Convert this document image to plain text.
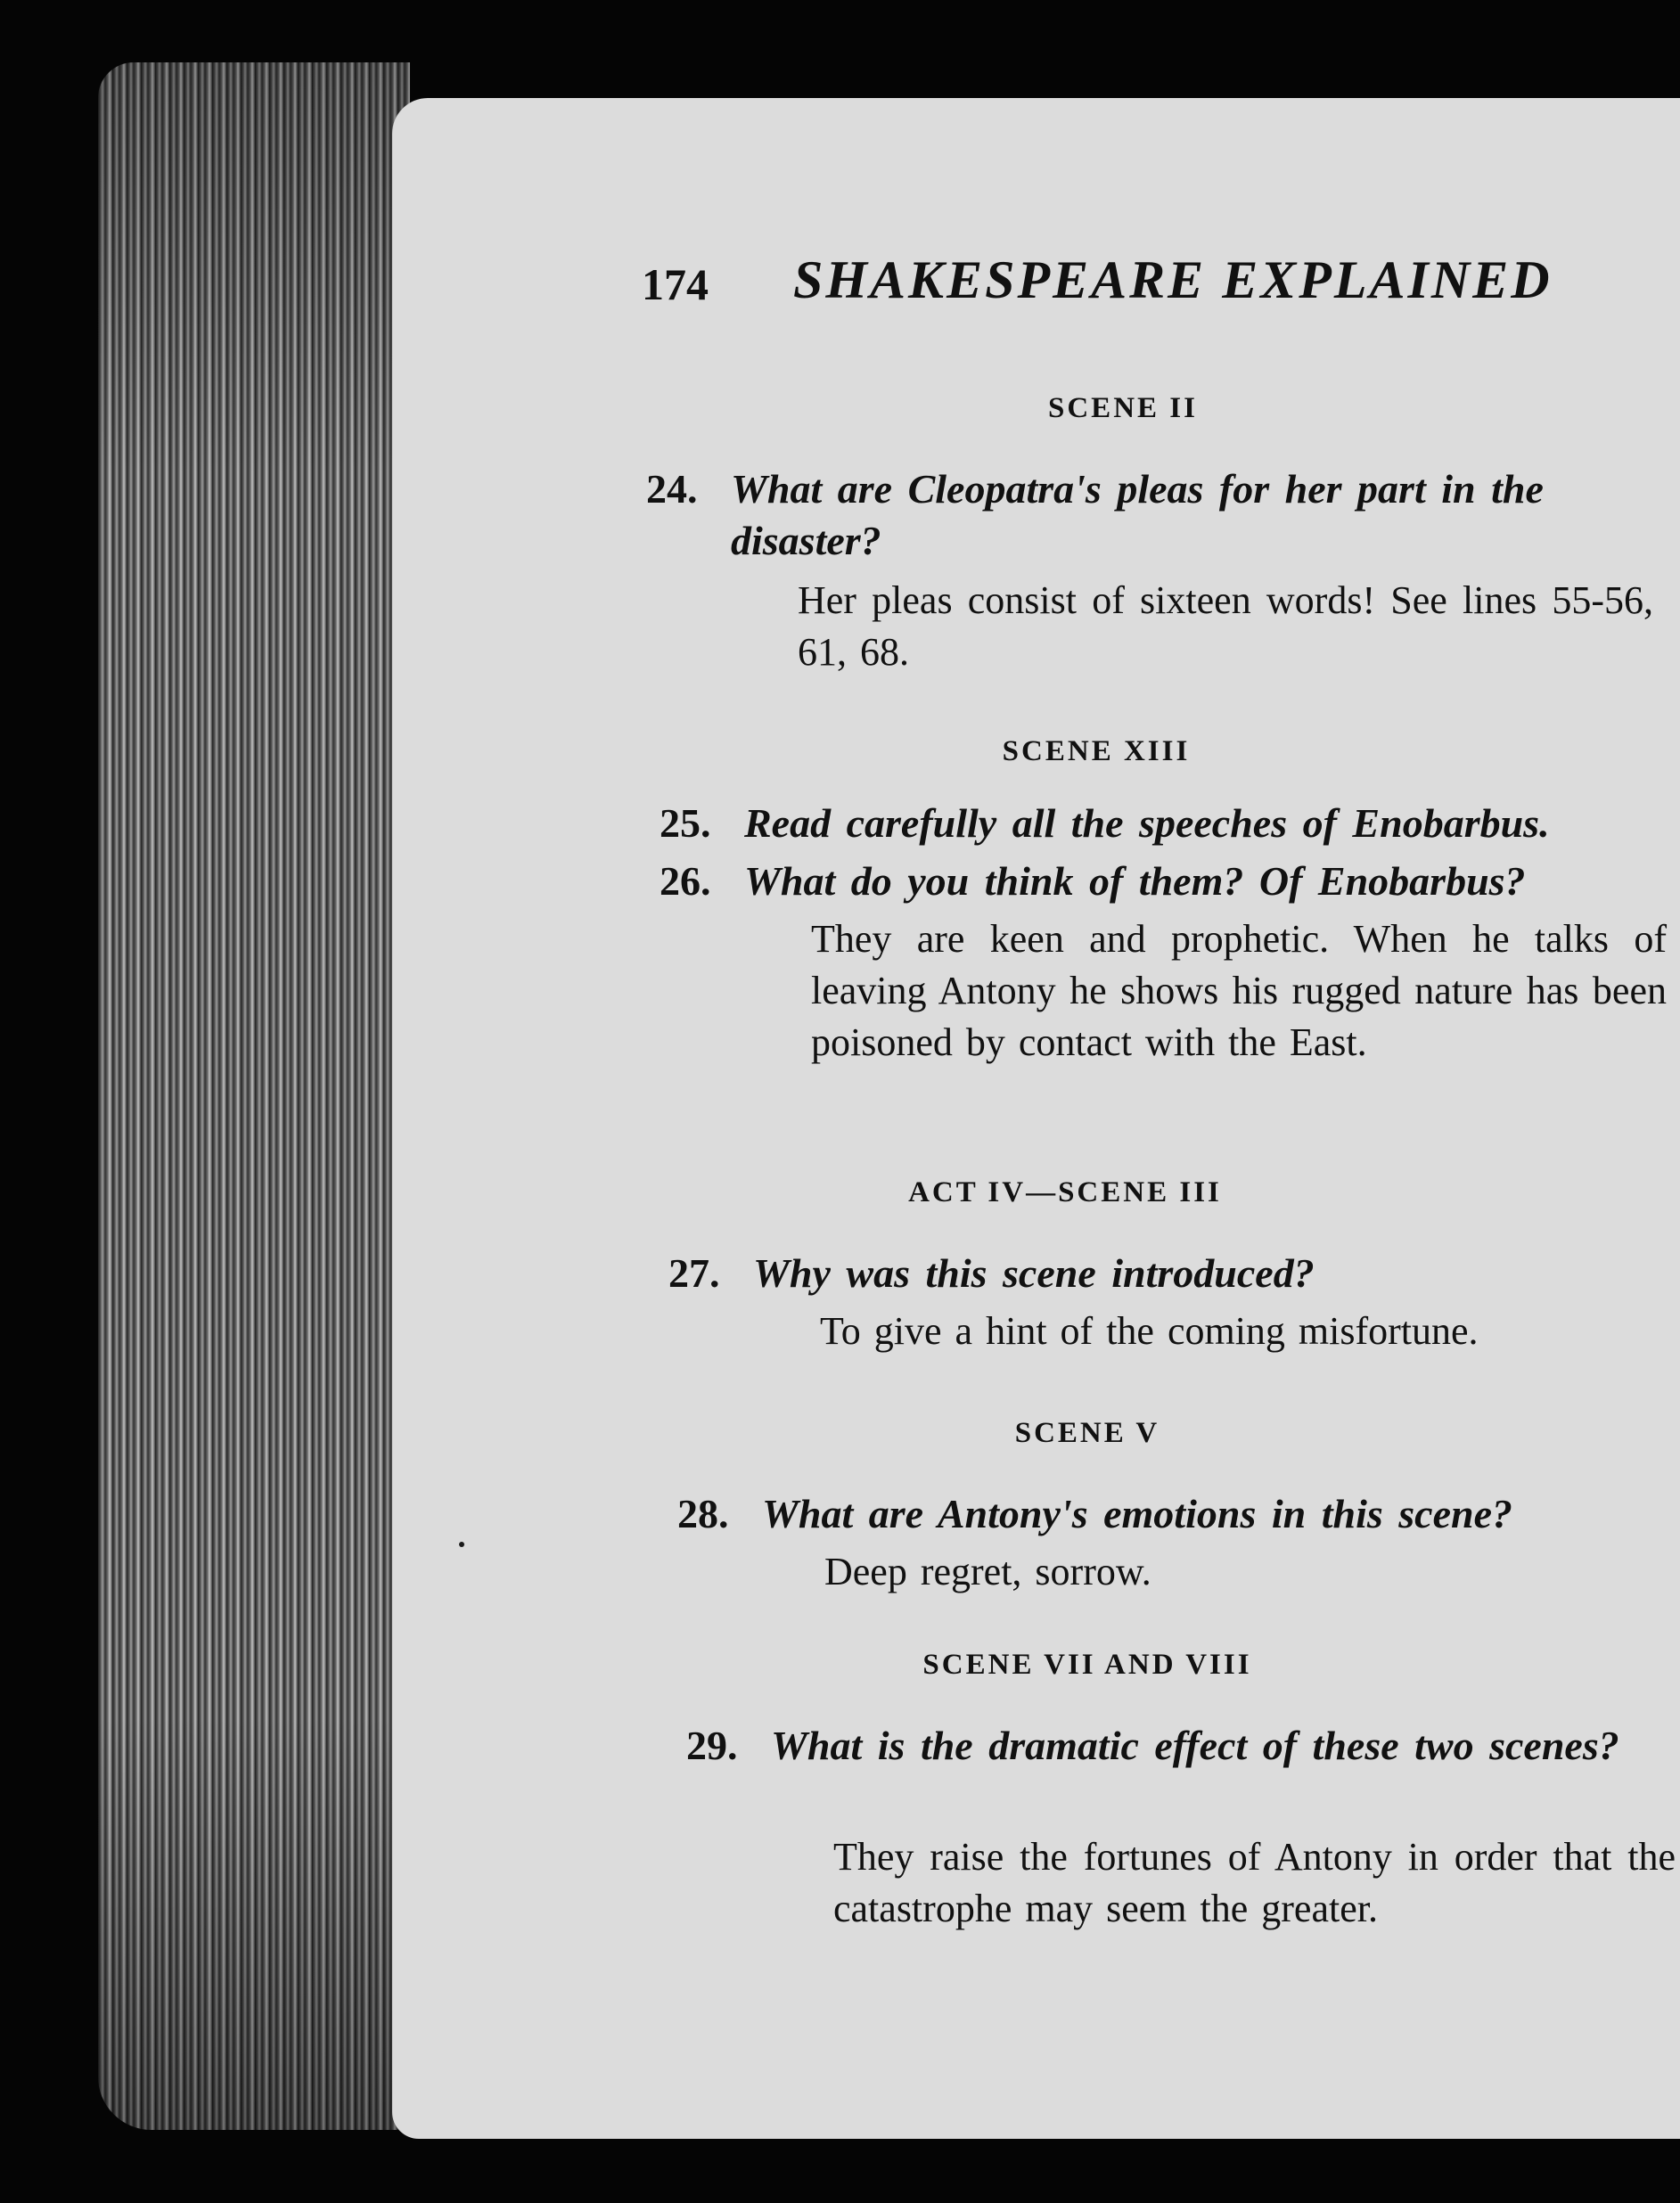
174 SHAKESPEARE EXPLAINED
SCENE II
24. What are Cleopatra's pleas for her part in the disaster?
Her pleas consist of sixteen words! See lines 55-56, 61, 68.
SCENE XIII
25. Read carefully all the speeches of Enobarbus.
26. What do you think of them? Of Enobarbus?
They are keen and prophetic. When he talks of leaving Antony he shows his rugged nature has been poisoned by contact with the East.
ACT IV—SCENE III
27. Why was this scene introduced?
To give a hint of the coming misfortune.
SCENE V
28. What are Antony's emotions in this scene?
Deep regret, sorrow.
SCENE VII AND VIII
29. What is the dramatic effect of these two scenes?
They raise the fortunes of Antony in order that the catastrophe may seem the greater.
